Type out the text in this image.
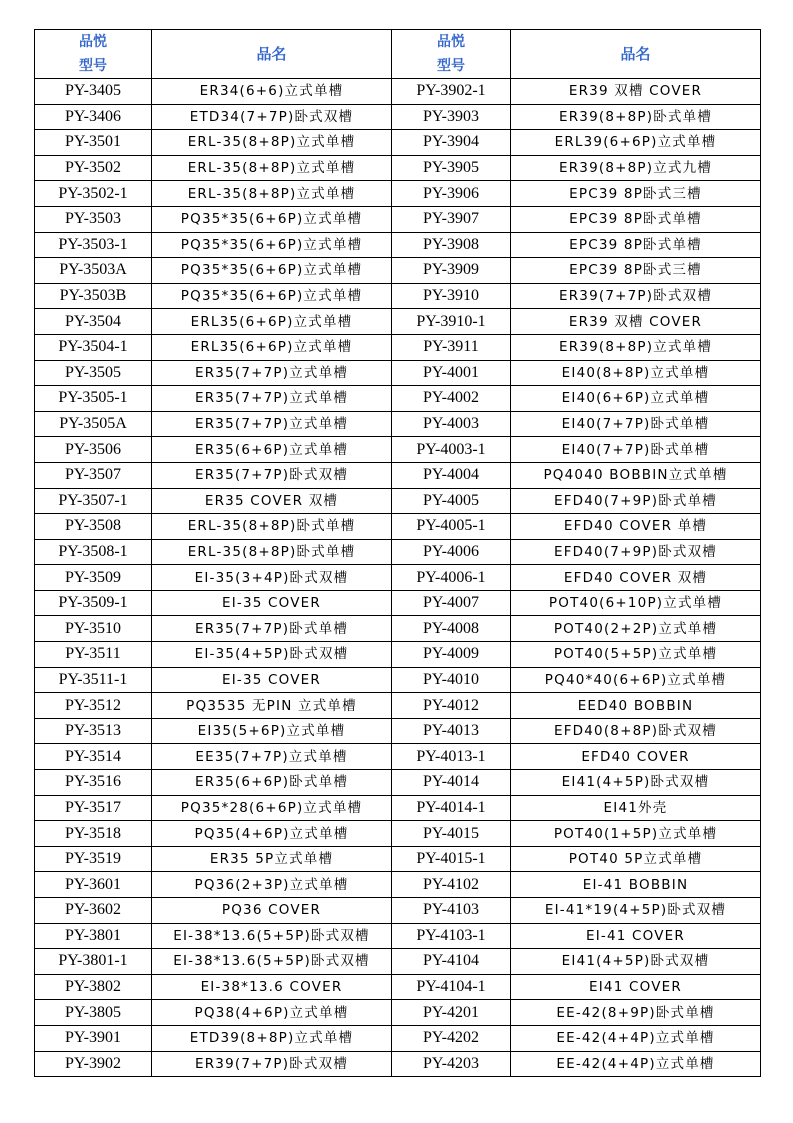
品悦	品名	品悦	品名
型号		型号	
PY-3405	ER34(6+6)立式单槽	PY-3902-1	ER39 双槽 COVER
PY-3406	ETD34(7+7P)卧式双槽	PY-3903	ER39(8+8P)卧式单槽
PY-3501	ERL-35(8+8P)立式单槽	PY-3904	ERL39(6+6P)立式单槽
PY-3502	ERL-35(8+8P)立式单槽	PY-3905	ER39(8+8P)立式九槽
PY-3502-1	ERL-35(8+8P)立式单槽	PY-3906	EPC39 8P卧式三槽
PY-3503	PQ35*35(6+6P)立式单槽	PY-3907	EPC39 8P卧式单槽
PY-3503-1	PQ35*35(6+6P)立式单槽	PY-3908	EPC39 8P卧式单槽
PY-3503A	PQ35*35(6+6P)立式单槽	PY-3909	EPC39 8P卧式三槽
PY-3503B	PQ35*35(6+6P)立式单槽	PY-3910	ER39(7+7P)卧式双槽
PY-3504	ERL35(6+6P)立式单槽	PY-3910-1	ER39 双槽 COVER
PY-3504-1	ERL35(6+6P)立式单槽	PY-3911	ER39(8+8P)立式单槽
PY-3505	ER35(7+7P)立式单槽	PY-4001	EI40(8+8P)立式单槽
PY-3505-1	ER35(7+7P)立式单槽	PY-4002	EI40(6+6P)立式单槽
PY-3505A	ER35(7+7P)立式单槽	PY-4003	EI40(7+7P)卧式单槽
PY-3506	ER35(6+6P)立式单槽	PY-4003-1	EI40(7+7P)卧式单槽
PY-3507	ER35(7+7P)卧式双槽	PY-4004	PQ4040 BOBBIN立式单槽
PY-3507-1	ER35 COVER 双槽	PY-4005	EFD40(7+9P)卧式单槽
PY-3508	ERL-35(8+8P)卧式单槽	PY-4005-1	EFD40 COVER 单槽
PY-3508-1	ERL-35(8+8P)卧式单槽	PY-4006	EFD40(7+9P)卧式双槽
PY-3509	EI-35(3+4P)卧式双槽	PY-4006-1	EFD40 COVER 双槽
PY-3509-1	EI-35 COVER	PY-4007	POT40(6+10P)立式单槽
PY-3510	ER35(7+7P)卧式单槽	PY-4008	POT40(2+2P)立式单槽
PY-3511	EI-35(4+5P)卧式双槽	PY-4009	POT40(5+5P)立式单槽
PY-3511-1	EI-35 COVER	PY-4010	PQ40*40(6+6P)立式单槽
PY-3512	PQ3535 无PIN 立式单槽	PY-4012	EED40 BOBBIN
PY-3513	EI35(5+6P)立式单槽	PY-4013	EFD40(8+8P)卧式双槽
PY-3514	EE35(7+7P)立式单槽	PY-4013-1	EFD40 COVER
PY-3516	ER35(6+6P)卧式单槽	PY-4014	EI41(4+5P)卧式双槽
PY-3517	PQ35*28(6+6P)立式单槽	PY-4014-1	EI41外壳
PY-3518	PQ35(4+6P)立式单槽	PY-4015	POT40(1+5P)立式单槽
PY-3519	ER35 5P立式单槽	PY-4015-1	POT40 5P立式单槽
PY-3601	PQ36(2+3P)立式单槽	PY-4102	EI-41 BOBBIN
PY-3602	PQ36 COVER	PY-4103	EI-41*19(4+5P)卧式双槽
PY-3801	EI-38*13.6(5+5P)卧式双槽	PY-4103-1	EI-41 COVER
PY-3801-1	EI-38*13.6(5+5P)卧式双槽	PY-4104	EI41(4+5P)卧式双槽
PY-3802	EI-38*13.6 COVER	PY-4104-1	EI41 COVER
PY-3805	PQ38(4+6P)立式单槽	PY-4201	EE-42(8+9P)卧式单槽
PY-3901	ETD39(8+8P)立式单槽	PY-4202	EE-42(4+4P)立式单槽
PY-3902	ER39(7+7P)卧式双槽	PY-4203	EE-42(4+4P)立式单槽
